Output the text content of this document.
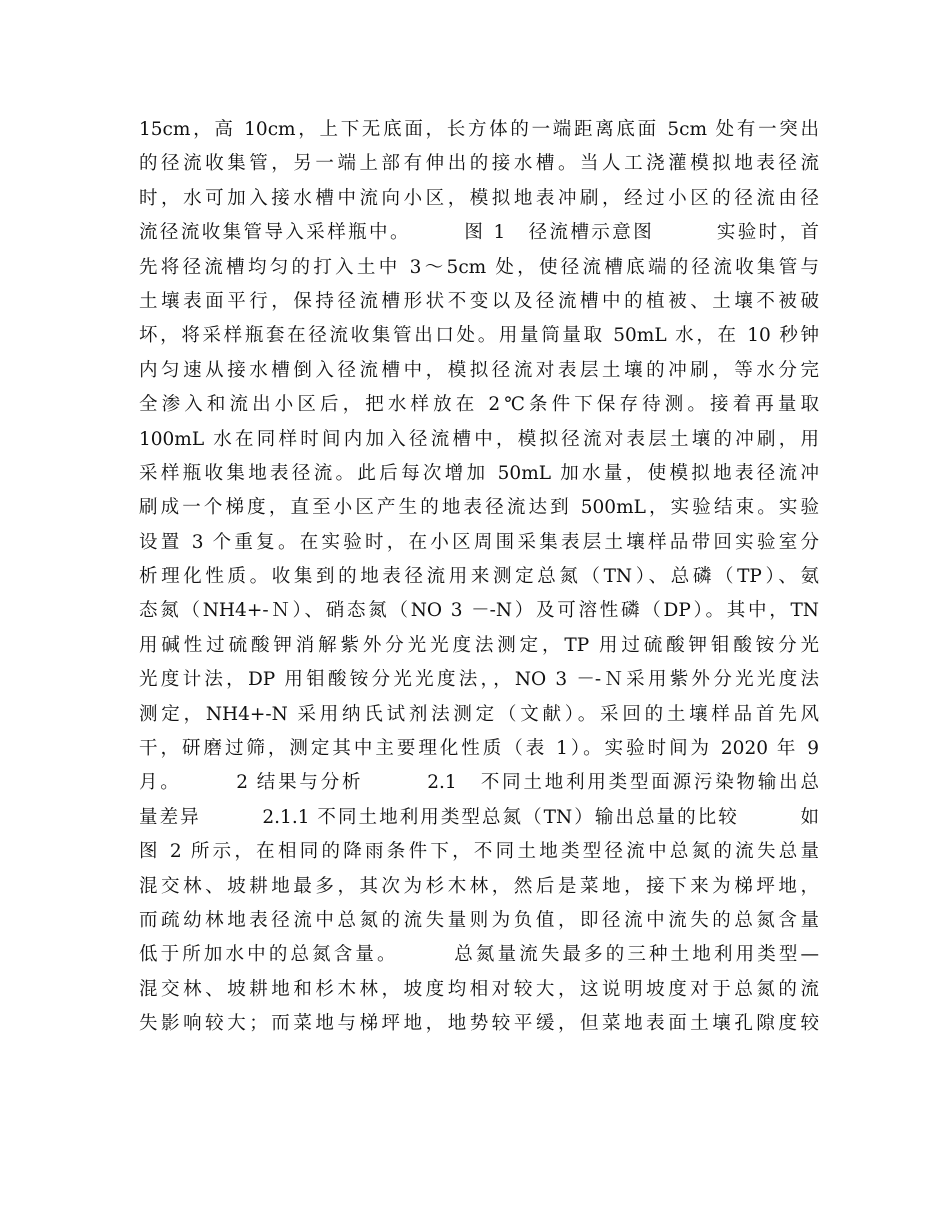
15cm，高 10cm，上下无底面，长方体的一端距离底面 5cm 处有一突出
的径流收集管，另一端上部有伸出的接水槽。当人工浇灌模拟地表径流
时，水可加入接水槽中流向小区，模拟地表冲刷，经过小区的径流由径
流径流收集管导入采样瓶中。　　　图 1　径流槽示意图　　　实验时，首
先将径流槽均匀的打入土中 3～5cm 处，使径流槽底端的径流收集管与
土壤表面平行，保持径流槽形状不变以及径流槽中的植被、土壤不被破
坏，将采样瓶套在径流收集管出口处。用量筒量取 50mL 水，在 10 秒钟
内匀速从接水槽倒入径流槽中，模拟径流对表层土壤的冲刷，等水分完
全渗入和流出小区后，把水样放在 2℃条件下保存待测。接着再量取
100mL 水在同样时间内加入径流槽中，模拟径流对表层土壤的冲刷，用
采样瓶收集地表径流。此后每次增加 50mL 加水量，使模拟地表径流冲
刷成一个梯度，直至小区产生的地表径流达到 500mL，实验结束。实验
设置 3 个重复。在实验时，在小区周围采集表层土壤样品带回实验室分
析理化性质。收集到的地表径流用来测定总氮（TN）、总磷（TP）、氨
态氮（NH4+-Ｎ）、硝态氮（NO 3 －-N）及可溶性磷（DP）。其中，TN
用碱性过硫酸钾消解紫外分光光度法测定，TP 用过硫酸钾钼酸铵分光
光度计法，DP 用钼酸铵分光光度法，，NO 3 －-Ｎ采用紫外分光光度法
测定，NH4+-N 采用纳氏试剂法测定（文献）。采回的土壤样品首先风
干，研磨过筛，测定其中主要理化性质（表 1）。实验时间为 2020 年 9
月。　　　2 结果与分析　　　2.1　不同土地利用类型面源污染物输出总
量差异　　　2.1.1 不同土地利用类型总氮（TN）输出总量的比较　　　如
图 2 所示，在相同的降雨条件下，不同土地类型径流中总氮的流失总量
混交林、坡耕地最多，其次为杉木林，然后是菜地，接下来为梯坪地，
而疏幼林地表径流中总氮的流失量则为负值，即径流中流失的总氮含量
低于所加水中的总氮含量。　　　总氮量流失最多的三种土地利用类型—
混交林、坡耕地和杉木林，坡度均相对较大，这说明坡度对于总氮的流
失影响较大；而菜地与梯坪地，地势较平缓，但菜地表面土壤孔隙度较
